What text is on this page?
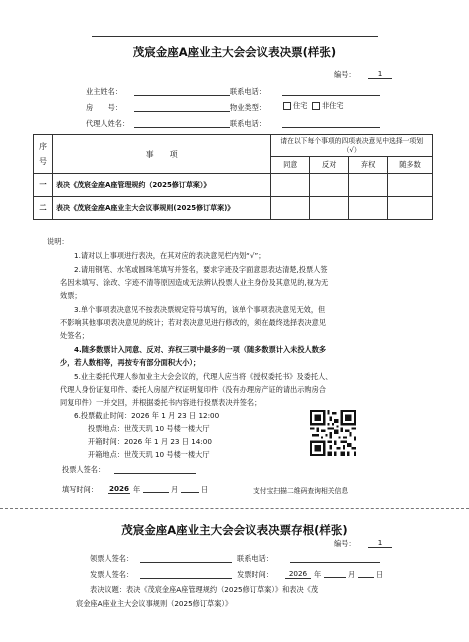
茂宸金座A座业主大会会议表决票(样张)
编号：	1
业主姓名：	联系电话：
房　　号：	物业类型：	住宅 非住宅
代理人姓名：	联系电话：
序号	事　　项	请在以下每个事项的四项表决意见中选择一项划（√）			
		同意	反对	弃权	随多数
一	表决《茂宸金座A座管理规约（2025修订草案）》				
二	表决《茂宸金座A座业主大会议事规则(2025修订草案)》				
说明：
1.请对以上事项进行表决，在其对应的表决意见栏内划“√”；
2.请用钢笔、水笔或圆珠笔填写并签名，要求字迹及字面意思表达清楚,投票人签
名因未填写、涂改、字迹不清等原因造成无法辨认投票人业主身份及其意见的,视为无
效票；
3.单个事项表决意见不按表决票规定符号填写的，该单个事项表决意见无效，但
不影响其他事项表决意见的统计；若对表决意见进行修改的，须在最终选择表决意见
处签名；
4.随多数票计入同意、反对、弃权三项中最多的一项（随多数票计入未投人数多
少，若人数相等，再按专有部分面积大小）；
5.业主委托代理人参加业主大会会议的，代理人应当将《授权委托书》及委托人、
代理人身份证复印件、委托人房屋产权证明复印件（没有办理房产证的请出示购房合
同复印件）一并交回，并根据委托书内容进行投票表决并签名；
6.投票截止时间：2026 年 1 月 23 日 12:00
投票地点：世茂天玑 10 号楼一楼大厅
开箱时间：2026 年 1 月 23 日 14:00
开箱地点：世茂天玑 10 号楼一楼大厅
投票人签名：
填写时间： 2026 年	月	日	支付宝扫描二维码查询相关信息
茂宸金座A座业主大会会议表决票存根(样张)
编号：	1
领票人签名：	联系电话：
发票人签名：	发票时间：	2026 年	月	日
表决议题：表决《茂宸金座A座管理规约（2025修订草案）》和表决《茂
宸金座A座业主大会议事规则（2025修订草案）》
